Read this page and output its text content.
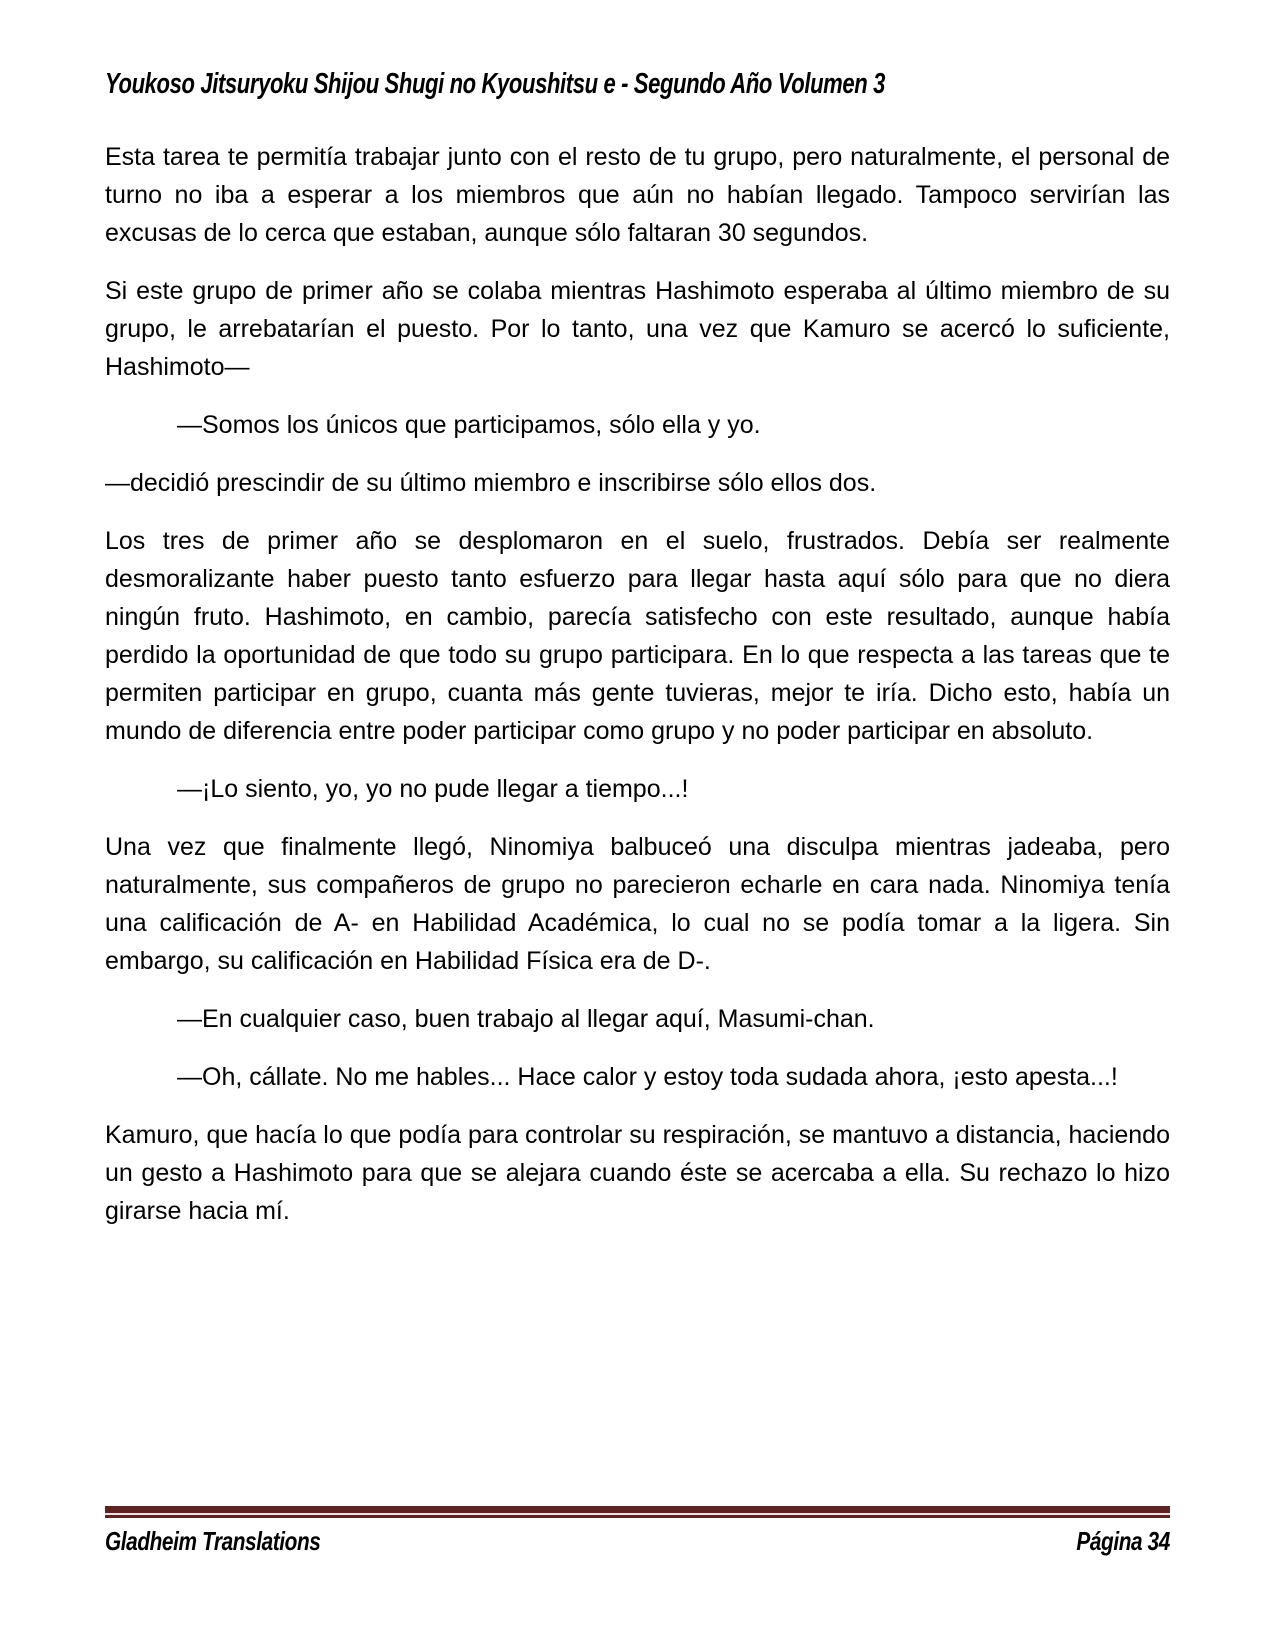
Youkoso Jitsuryoku Shijou Shugi no Kyoushitsu e - Segundo Año Volumen 3

Esta tarea te permitía trabajar junto con el resto de tu grupo, pero naturalmente, el personal de turno no iba a esperar a los miembros que aún no habían llegado. Tampoco servirían las excusas de lo cerca que estaban, aunque sólo faltaran 30 segundos.

Si este grupo de primer año se colaba mientras Hashimoto esperaba al último miembro de su grupo, le arrebatarían el puesto. Por lo tanto, una vez que Kamuro se acercó lo suficiente, Hashimoto—

—Somos los únicos que participamos, sólo ella y yo.

—decidió prescindir de su último miembro e inscribirse sólo ellos dos.

Los tres de primer año se desplomaron en el suelo, frustrados. Debía ser realmente desmoralizante haber puesto tanto esfuerzo para llegar hasta aquí sólo para que no diera ningún fruto. Hashimoto, en cambio, parecía satisfecho con este resultado, aunque había perdido la oportunidad de que todo su grupo participara. En lo que respecta a las tareas que te permiten participar en grupo, cuanta más gente tuvieras, mejor te iría. Dicho esto, había un mundo de diferencia entre poder participar como grupo y no poder participar en absoluto.

—¡Lo siento, yo, yo no pude llegar a tiempo...!

Una vez que finalmente llegó, Ninomiya balbuceó una disculpa mientras jadeaba, pero naturalmente, sus compañeros de grupo no parecieron echarle en cara nada. Ninomiya tenía una calificación de A- en Habilidad Académica, lo cual no se podía tomar a la ligera. Sin embargo, su calificación en Habilidad Física era de D-.

—En cualquier caso, buen trabajo al llegar aquí, Masumi-chan.

—Oh, cállate. No me hables... Hace calor y estoy toda sudada ahora, ¡esto apesta...!

Kamuro, que hacía lo que podía para controlar su respiración, se mantuvo a distancia, haciendo un gesto a Hashimoto para que se alejara cuando éste se acercaba a ella. Su rechazo lo hizo girarse hacia mí.

Gladheim Translations	Página 34
